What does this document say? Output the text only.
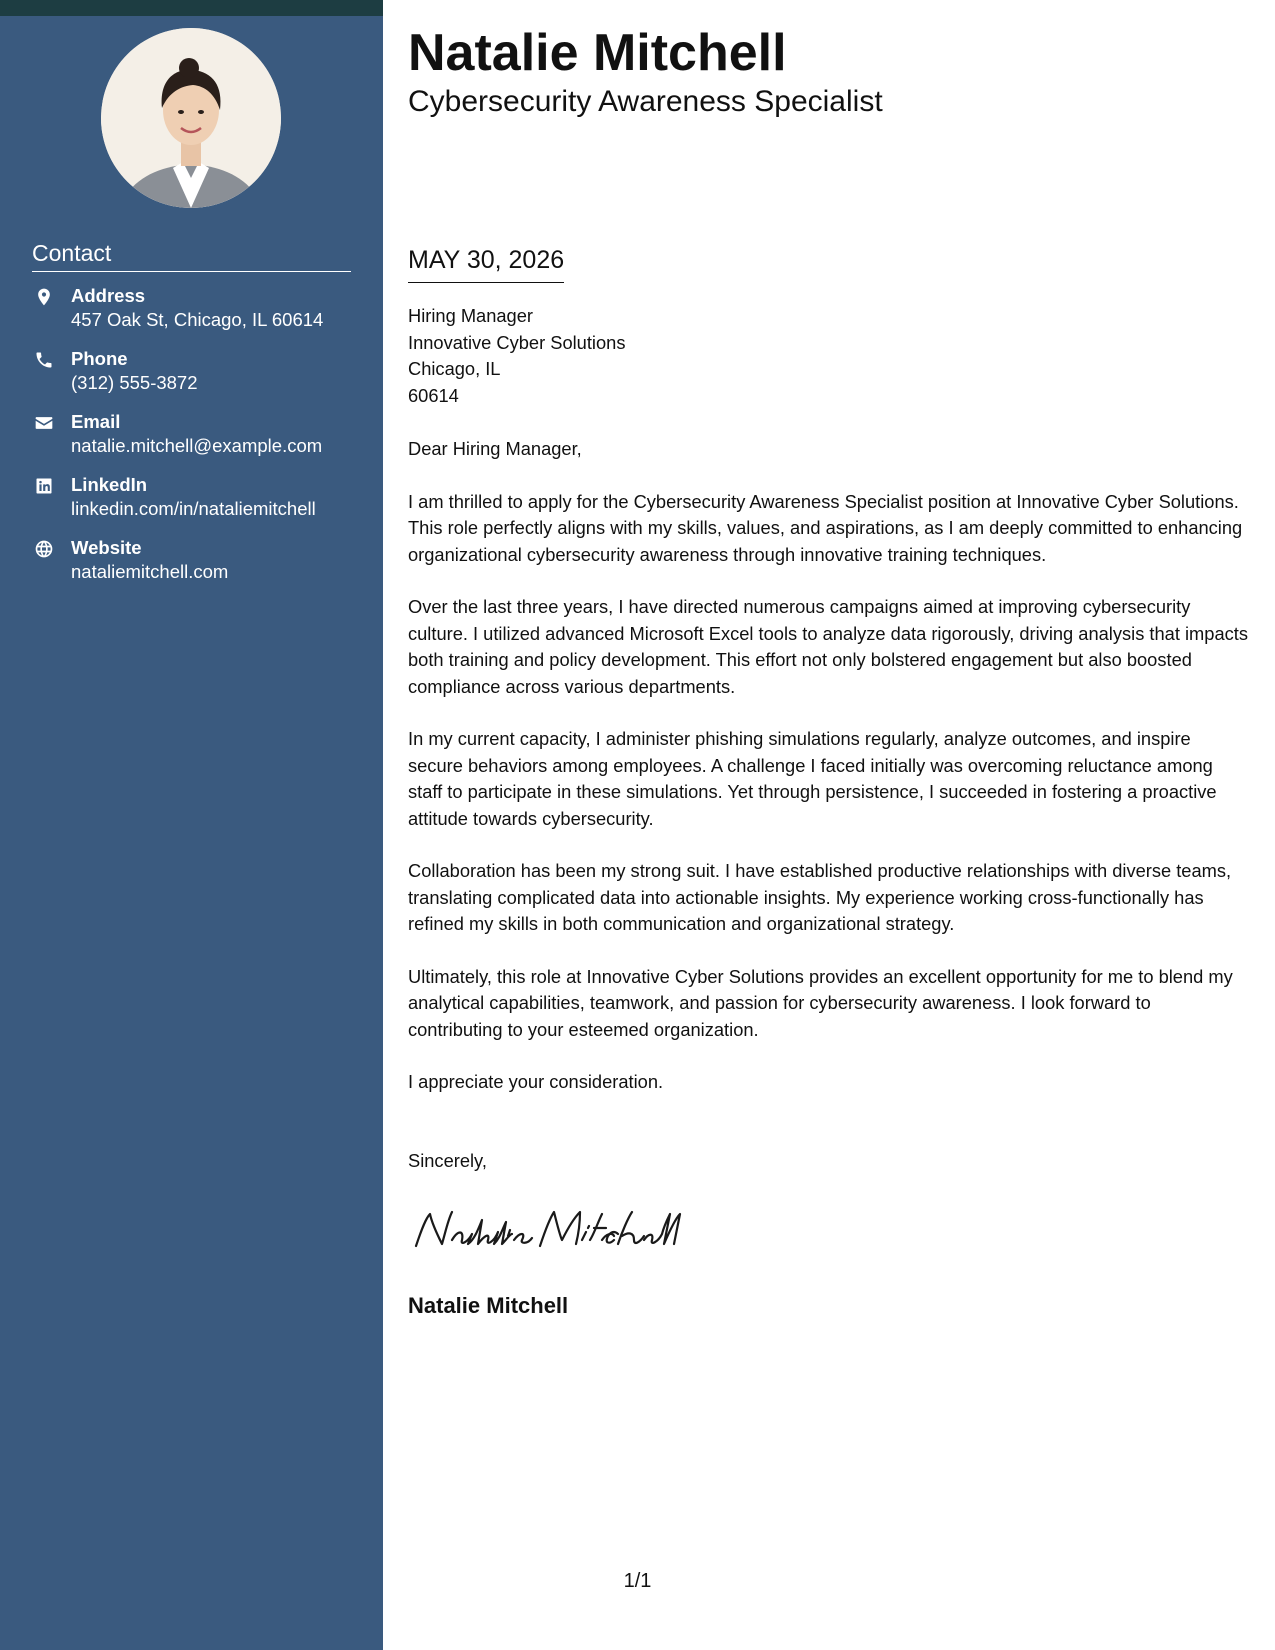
Contact
Address
457 Oak St, Chicago, IL 60614
Phone
(312) 555-3872
Email
natalie.mitchell@example.com
LinkedIn
linkedin.com/in/nataliemitchell
Website
nataliemitchell.com
Natalie Mitchell
Cybersecurity Awareness Specialist
MAY 30, 2026
Hiring Manager
Innovative Cyber Solutions
Chicago, IL
60614

Dear Hiring Manager,

I am thrilled to apply for the Cybersecurity Awareness Specialist position at Innovative Cyber Solutions. This role perfectly aligns with my skills, values, and aspirations, as I am deeply committed to enhancing organizational cybersecurity awareness through innovative training techniques.

Over the last three years, I have directed numerous campaigns aimed at improving cybersecurity culture. I utilized advanced Microsoft Excel tools to analyze data rigorously, driving analysis that impacts both training and policy development. This effort not only bolstered engagement but also boosted compliance across various departments.

In my current capacity, I administer phishing simulations regularly, analyze outcomes, and inspire secure behaviors among employees. A challenge I faced initially was overcoming reluctance among staff to participate in these simulations. Yet through persistence, I succeeded in fostering a proactive attitude towards cybersecurity.

Collaboration has been my strong suit. I have established productive relationships with diverse teams, translating complicated data into actionable insights. My experience working cross-functionally has refined my skills in both communication and organizational strategy.

Ultimately, this role at Innovative Cyber Solutions provides an excellent opportunity for me to blend my analytical capabilities, teamwork, and passion for cybersecurity awareness. I look forward to contributing to your esteemed organization.

I appreciate your consideration.

Sincerely,

Natalie Mitchell
1/1
